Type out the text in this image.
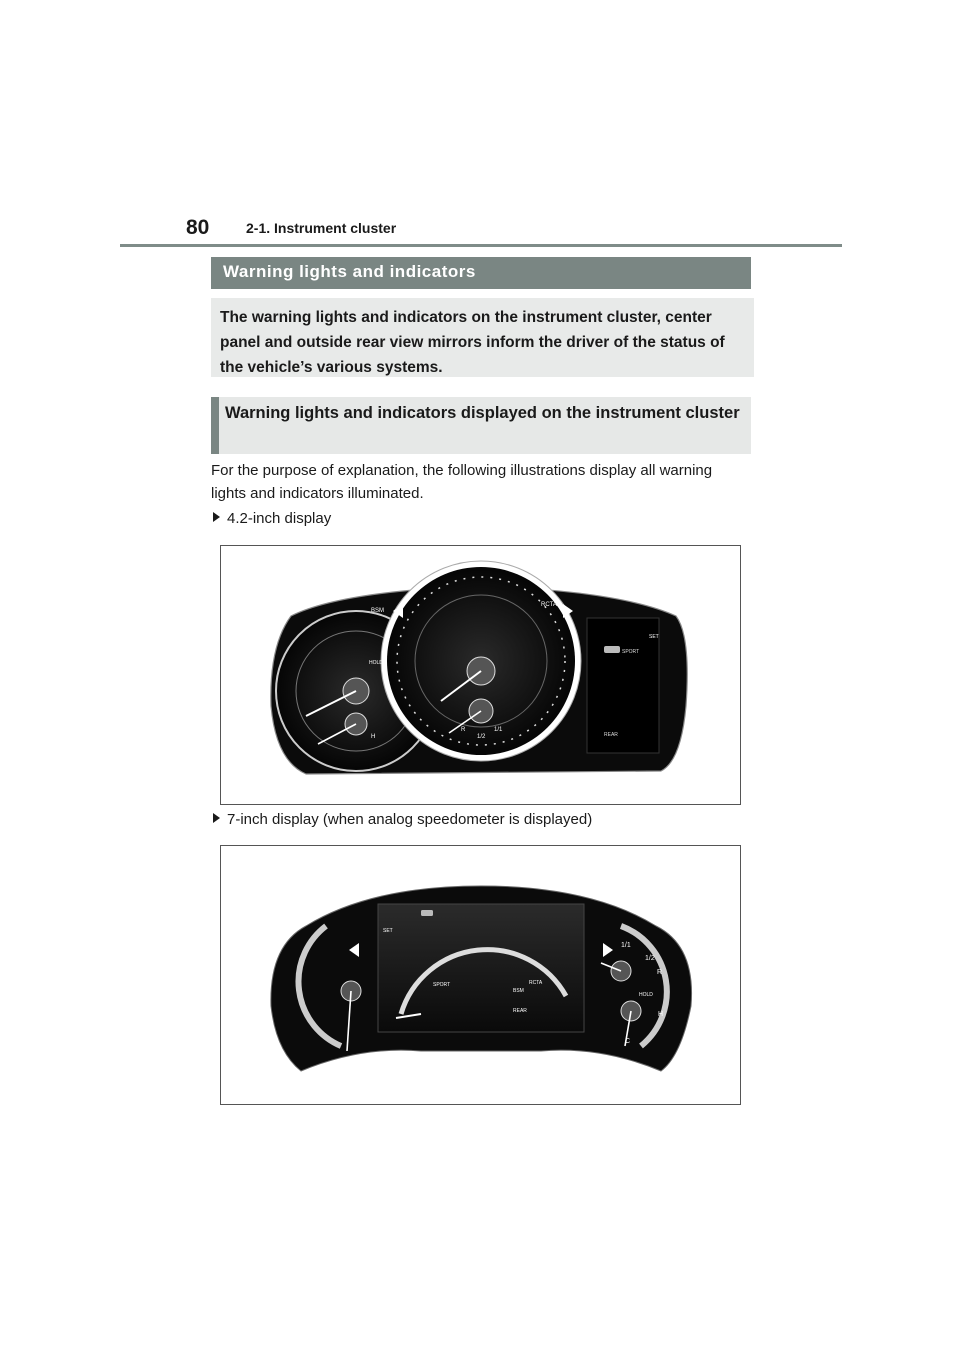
80	2-1. Instrument cluster
Warning lights and indicators
The warning lights and indicators on the instrument cluster, center panel and outside rear view mirrors inform the driver of the status of the vehicle’s various systems.
Warning lights and indicators displayed on the instrument cluster
For the purpose of explanation, the following illustrations display all warning lights and indicators illuminated.
4.2-inch display
SPORT
REAR
BSM
RCTA
HOLD
SET
H	1/2
1/1
R
7-inch display (when analog speedometer is displayed)
SET
SPORT
BSM
RCTA
REAR
HOLD
R
H
C
1/1
1/2
